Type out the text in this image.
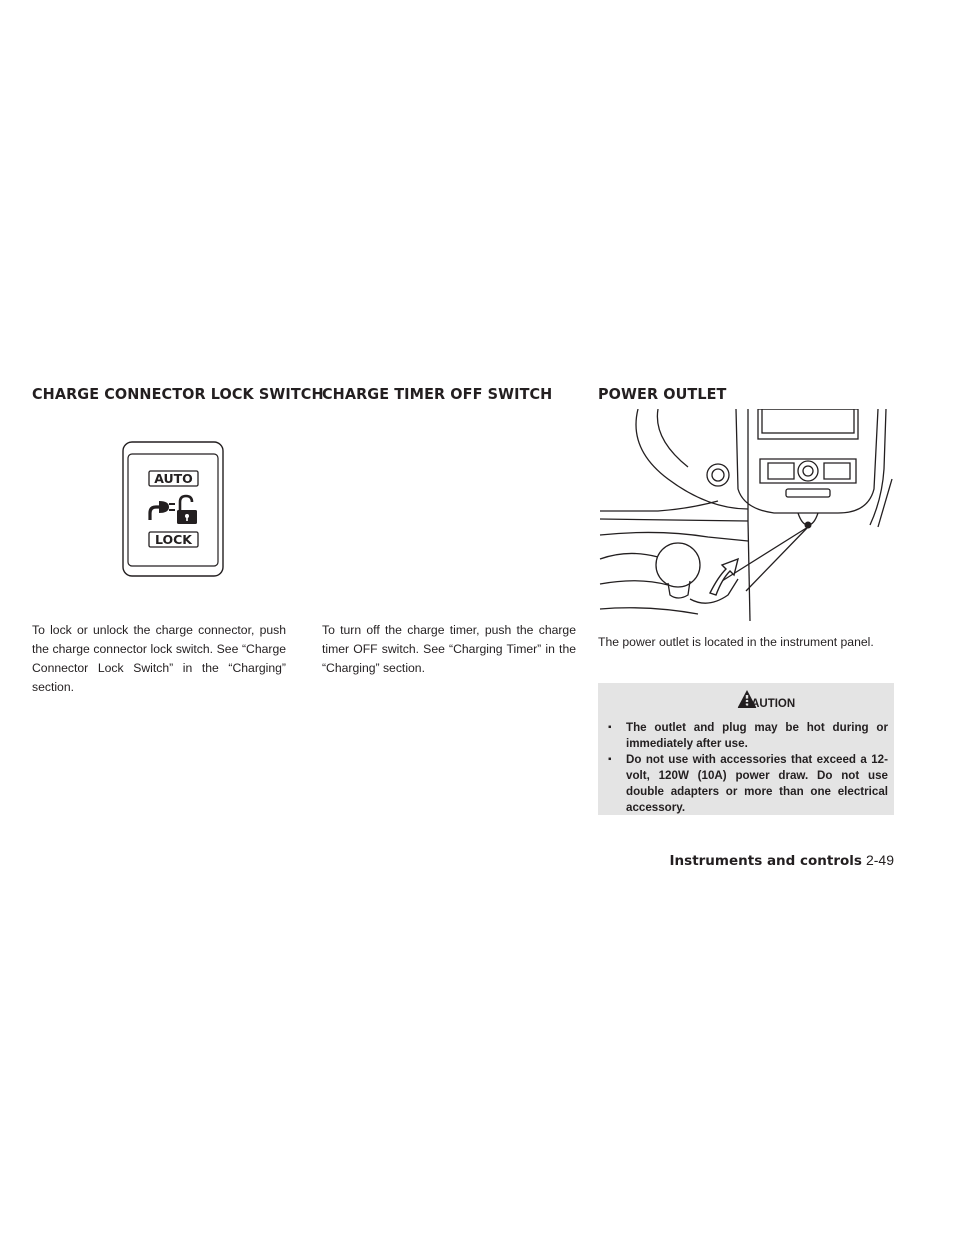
CHARGE CONNECTOR LOCK SWITCH
AUTO
LOCK

To lock or unlock the charge connector, push the charge connector lock switch. See “Charge Connector Lock Switch” in the “Charging” section.

CHARGE TIMER OFF SWITCH

To turn off the charge timer, push the charge timer OFF switch. See “Charging Timer” in the “Charging” section.

POWER OUTLET

The power outlet is located in the instrument panel.

CAUTION
▪ The outlet and plug may be hot during or immediately after use.
▪ Do not use with accessories that exceed a 12-volt, 120W (10A) power draw. Do not use double adapters or more than one electrical accessory.
Instruments and controls 2-49
